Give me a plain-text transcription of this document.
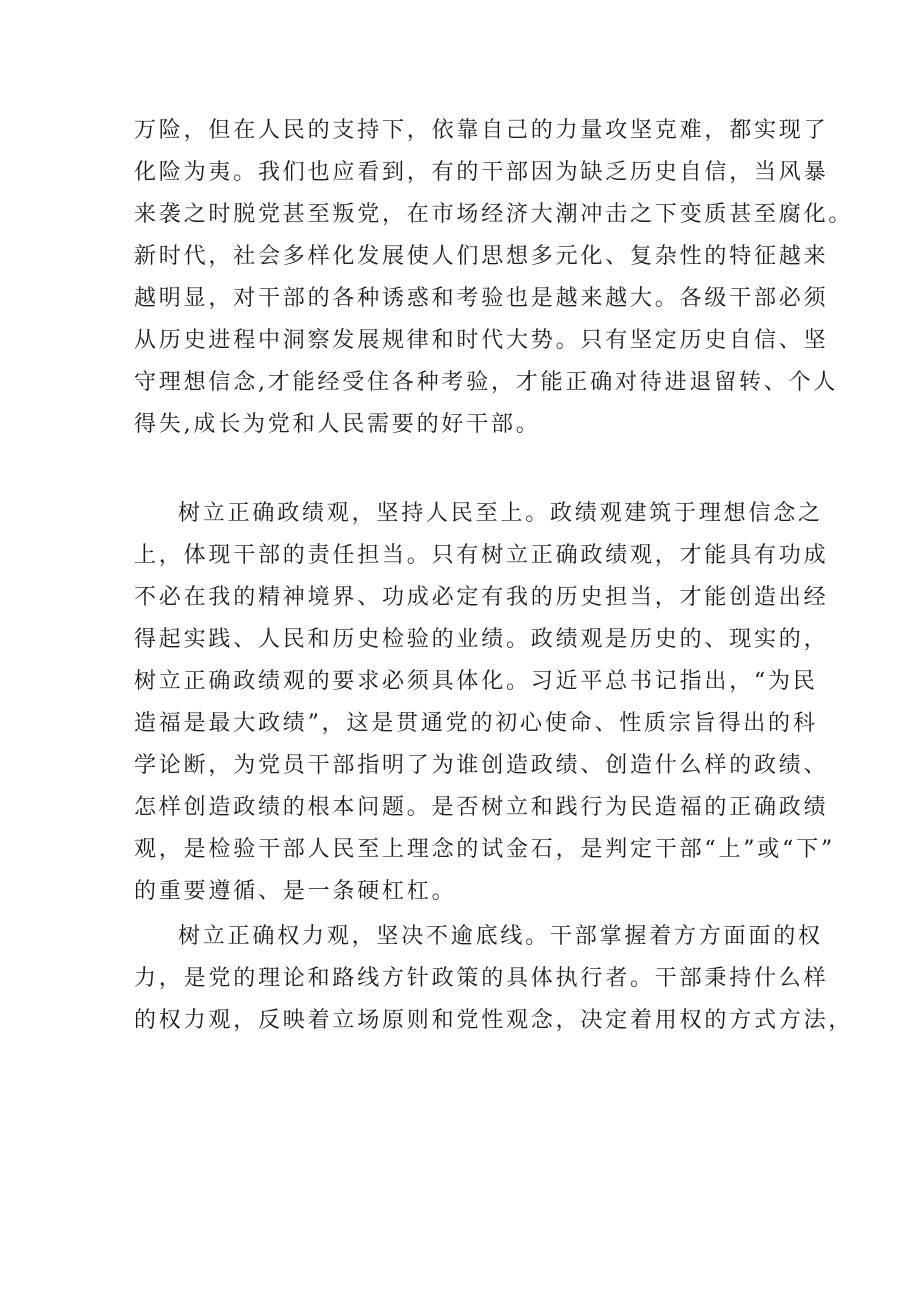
万险，但在人民的支持下，依靠自己的力量攻坚克难，都实现了
化险为夷。我们也应看到，有的干部因为缺乏历史自信，当风暴
来袭之时脱党甚至叛党，在市场经济大潮冲击之下变质甚至腐化。
新时代，社会多样化发展使人们思想多元化、复杂性的特征越来
越明显，对干部的各种诱惑和考验也是越来越大。各级干部必须
从历史进程中洞察发展规律和时代大势。只有坚定历史自信、坚
守理想信念,才能经受住各种考验，才能正确对待进退留转、个人
得失,成长为党和人民需要的好干部。
树立正确政绩观，坚持人民至上。政绩观建筑于理想信念之
上，体现干部的责任担当。只有树立正确政绩观，才能具有功成
不必在我的精神境界、功成必定有我的历史担当，才能创造出经
得起实践、人民和历史检验的业绩。政绩观是历史的、现实的，
树立正确政绩观的要求必须具体化。习近平总书记指出，“为民
造福是最大政绩”，这是贯通党的初心使命、性质宗旨得出的科
学论断，为党员干部指明了为谁创造政绩、创造什么样的政绩、
怎样创造政绩的根本问题。是否树立和践行为民造福的正确政绩
观，是检验干部人民至上理念的试金石，是判定干部“上”或“下”
的重要遵循、是一条硬杠杠。
树立正确权力观，坚决不逾底线。干部掌握着方方面面的权
力，是党的理论和路线方针政策的具体执行者。干部秉持什么样
的权力观，反映着立场原则和党性观念，决定着用权的方式方法，
